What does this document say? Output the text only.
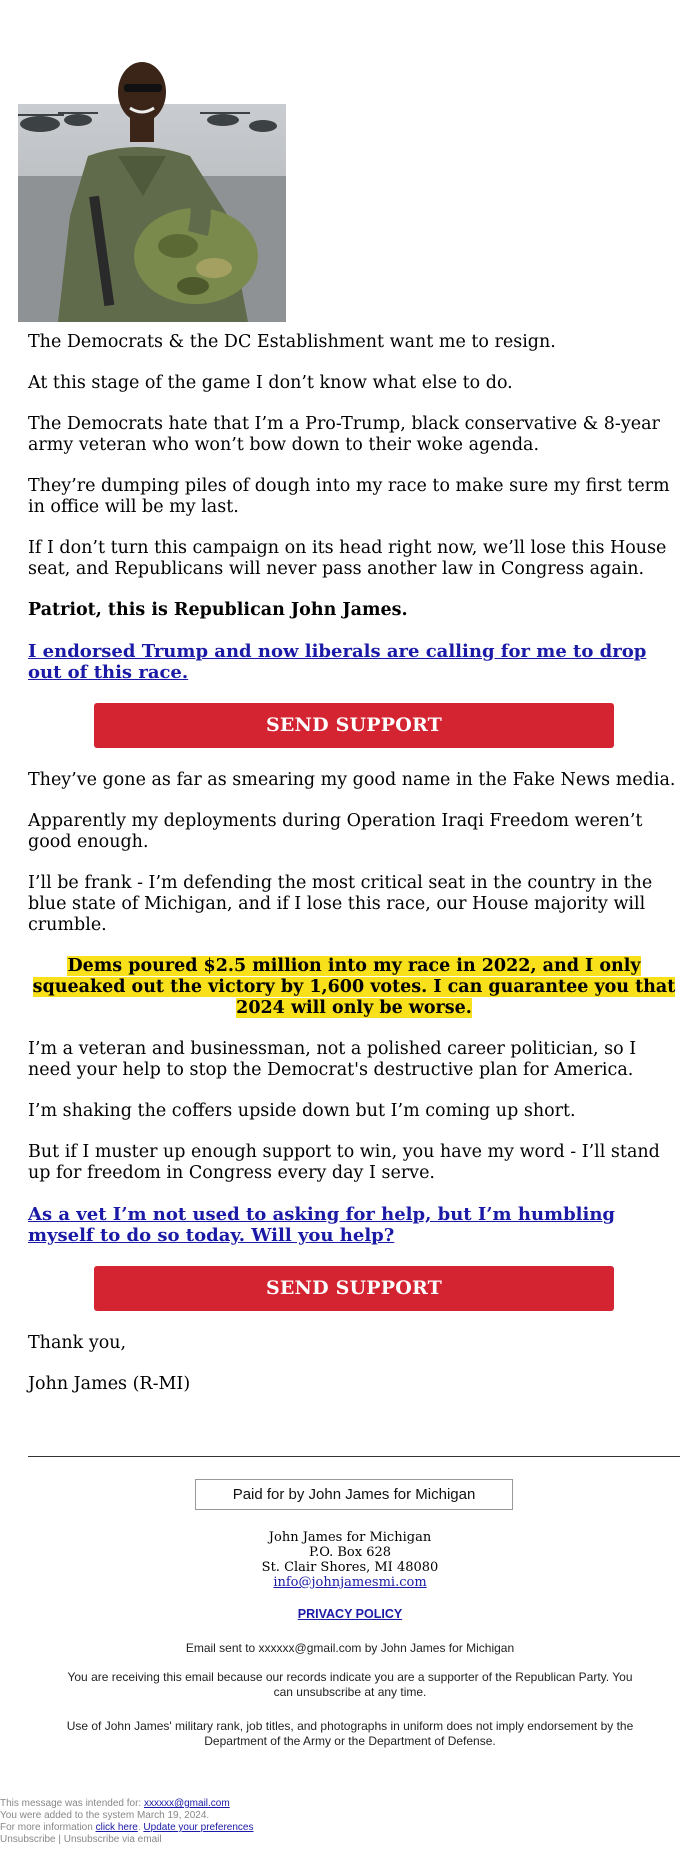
The Democrats & the DC Establishment want me to resign.

At this stage of the game I don’t know what else to do.

The Democrats hate that I’m a Pro-Trump, black conservative & 8-year army veteran who won’t bow down to their woke agenda.

They’re dumping piles of dough into my race to make sure my first term in office will be my last.

If I don’t turn this campaign on its head right now, we’ll lose this House seat, and Republicans will never pass another law in Congress again.

Patriot, this is Republican John James.

I endorsed Trump and now liberals are calling for me to drop out of this race.
SEND SUPPORT

They’ve gone as far as smearing my good name in the Fake News media.

Apparently my deployments during Operation Iraqi Freedom weren’t good enough.

I’ll be frank - I’m defending the most critical seat in the country in the blue state of Michigan, and if I lose this race, our House majority will crumble.

Dems poured $2.5 million into my race in 2022, and I only squeaked out the victory by 1,600 votes. I can guarantee you that 2024 will only be worse.

I’m a veteran and businessman, not a polished career politician, so I need your help to stop the Democrat's destructive plan for America.

I’m shaking the coffers upside down but I’m coming up short.

But if I muster up enough support to win, you have my word - I’ll stand up for freedom in Congress every day I serve.

As a vet I’m not used to asking for help, but I’m humbling myself to do so today. Will you help?
SEND SUPPORT

Thank you,

John James (R-MI)

Paid for by John James for Michigan
John James for Michigan
P.O. Box 628
St. Clair Shores, MI 48080
info@johnjamesmi.com
PRIVACY POLICY
Email sent to xxxxxx@gmail.com by John James for Michigan
You are receiving this email because our records indicate you are a supporter of the Republican Party. You can unsubscribe at any time.
Use of John James' military rank, job titles, and photographs in uniform does not imply endorsement by the Department of the Army or the Department of Defense.
This message was intended for: xxxxxx@gmail.com
You were added to the system March 19, 2024.
For more information click here. Update your preferences
Unsubscribe | Unsubscribe via email
